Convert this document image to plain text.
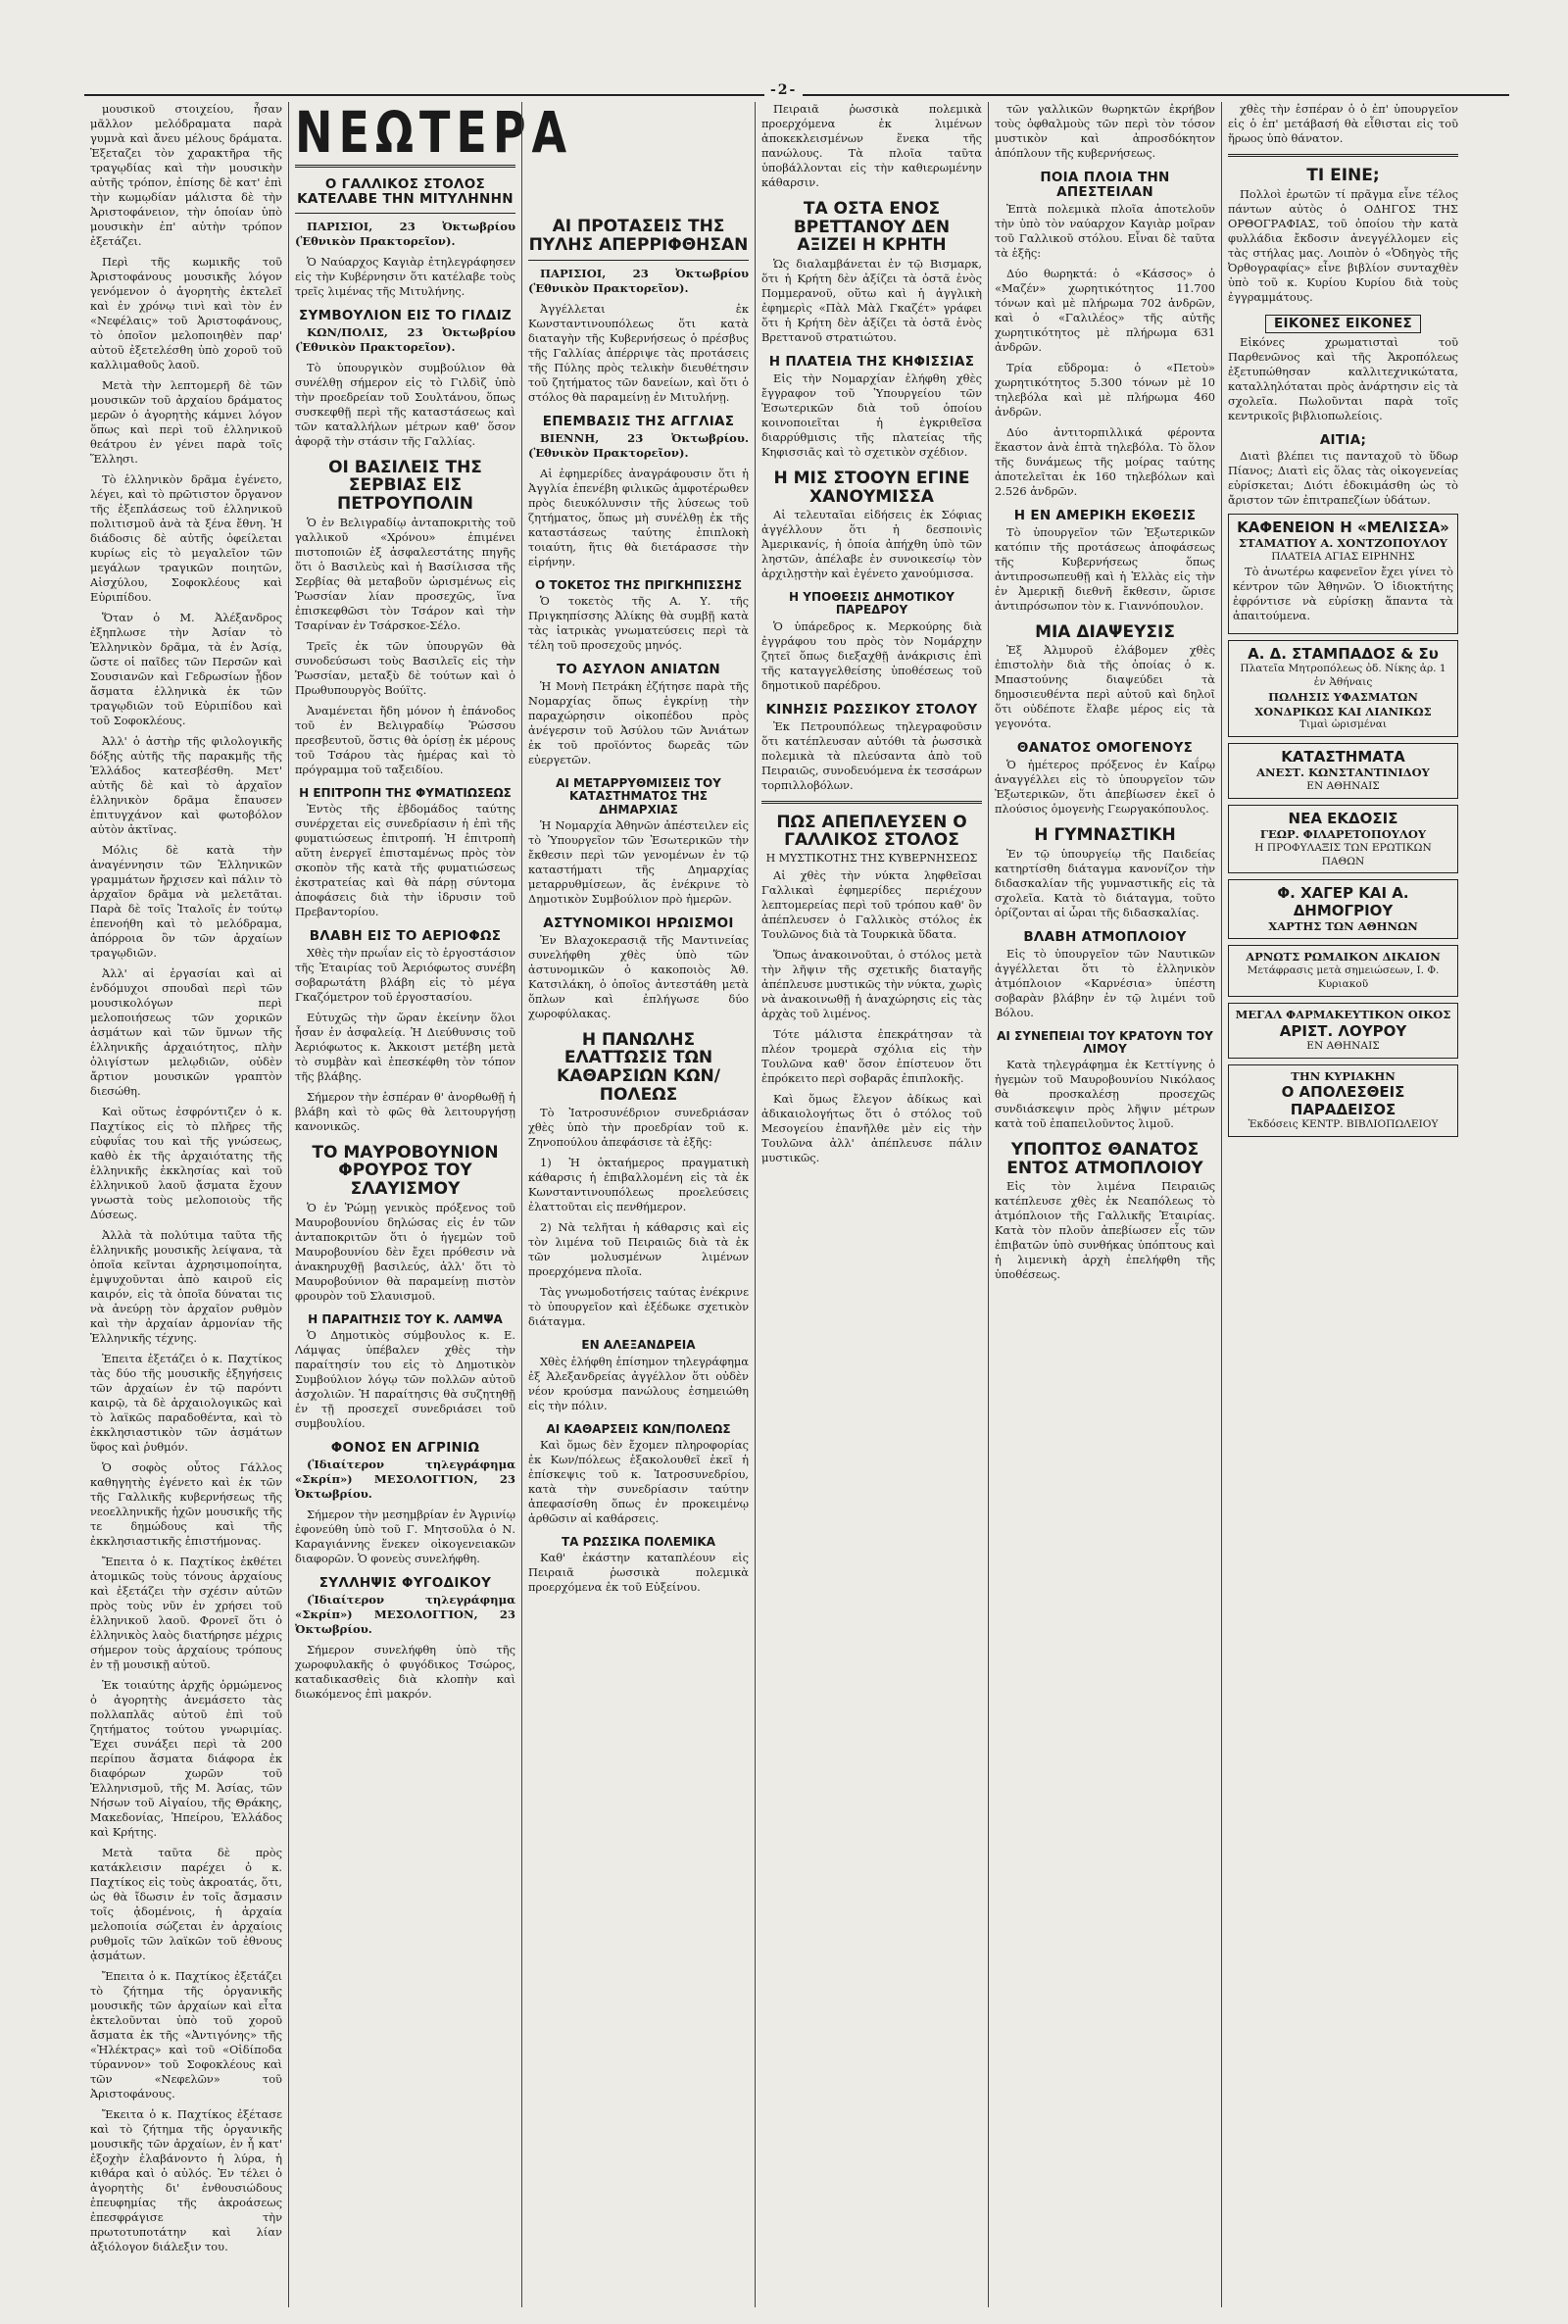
-2-

μουσικοῦ στοιχείου, ἦσαν μᾶλλον μελόδραματα παρὰ γυμνὰ καὶ ἄνευ μέλους δράματα. Ἐξεταζει τὸν χαρακτῆρα τῆς τραγῳδίας καὶ τὴν μουσικὴν αὐτῆς τρόπον, ἐπίσης δὲ κατ' ἐπὶ τὴν κωμῳδίαν μάλιστα δὲ τὴν Ἀριστοφάνειον, τὴν ὁποίαν ὑπὸ μουσικὴν ἐπ' αὐτὴν τρόπον ἐξετάζει.

Περὶ τῆς κωμικῆς τοῦ Ἀριστοφάνους μουσικῆς λόγον γενόμενον ὁ ἀγορητὴς ἐκτελεῖ καὶ ἐν χρόνῳ τινὶ καὶ τὸν ἐν «Νεφέλαις» τοῦ Ἀριστοφάνους, τὸ ὁποῖον μελοποιηθὲν παρ' αὐτοῦ ἐξετελέσθη ὑπὸ χοροῦ τοῦ καλλιμαθοῦς λαοῦ.

Μετὰ τὴν λεπτομερῆ δὲ τῶν μουσικῶν τοῦ ἀρχαίου δράματος μερῶν ὁ ἀγορητὴς κάμνει λόγον ὅπως καὶ περὶ τοῦ ἑλληνικοῦ θεάτρου ἐν γένει παρὰ τοῖς Ἕλλησι.

Τὸ ἑλληνικὸν δρᾶμα ἐγένετο, λέγει, καὶ τὸ πρῶτιστον ὄργανον τῆς ἐξεπλάσεως τοῦ ἑλληνικοῦ πολιτισμοῦ ἀνὰ τὰ ξένα ἔθνη. Ἡ διάδοσις δὲ αὐτῆς ὀφείλεται κυρίως εἰς τὸ μεγαλεῖον τῶν μεγάλων τραγικῶν ποιητῶν, Αἰσχύλου, Σοφοκλέους καὶ Εὐριπίδου.

Ὅταν ὁ Μ. Ἀλέξανδρος ἐξηπλωσε τὴν Ἀσίαν τὸ Ἑλληνικὸν δρᾶμα, τὰ ἐν Ἀσίᾳ, ὥστε οἱ παῖδες τῶν Περσῶν καὶ Σουσιανῶν καὶ Γεδρωσίων ᾖδον ἄσματα ἑλληνικὰ ἐκ τῶν τραγῳδιῶν τοῦ Εὐριπίδου καὶ τοῦ Σοφοκλέους.

Ἀλλ' ὁ ἀστὴρ τῆς φιλολογικῆς δόξης αὐτῆς τῆς παρακμῆς τῆς Ἑλλάδος κατεσβέσθη. Μετ' αὐτῆς δὲ καὶ τὸ ἀρχαῖον ἑλληνικὸν δρᾶμα ἔπαυσεν ἐπιτυγχάνον καὶ φωτοβόλον αὐτὸν ἀκτῖνας.

Μόλις δὲ κατὰ τὴν ἀναγέννησιν τῶν Ἑλληνικῶν γραμμάτων ἤρχισεν καὶ πάλιν τὸ ἀρχαῖον δρᾶμα νὰ μελετᾶται. Παρὰ δὲ τοῖς Ἰταλοῖς ἐν τούτῳ ἐπενοήθη καὶ τὸ μελόδραμα, ἀπόρροια ὂν τῶν ἀρχαίων τραγῳδιῶν.

Ἀλλ' αἱ ἐργασίαι καὶ αἱ ἐνδόμυχοι σπουδαὶ περὶ τῶν μουσικολόγων περὶ μελοποιήσεως τῶν χορικῶν ἀσμάτων καὶ τῶν ὕμνων τῆς ἑλληνικῆς ἀρχαιότητος, πλὴν ὀλιγίστων μελῳδιῶν, οὐδὲν ἄρτιον μουσικῶν γραπτὸν διεσώθη.

Καὶ οὕτως ἐσφρόντιζεν ὁ κ. Παχτίκος εἰς τὸ πλῆρες τῆς εὐφυΐας του καὶ τῆς γνώσεως, καθὸ ἐκ τῆς ἀρχαιότατης τῆς ἑλληνικῆς ἐκκλησίας καὶ τοῦ ἑλληνικοῦ λαοῦ ᾄσματα ἔχουν γνωστὰ τοὺς μελοποιοὺς τῆς Δύσεως.

Ἀλλὰ τὰ πολύτιμα ταῦτα τῆς ἑλληνικῆς μουσικῆς λείψανα, τὰ ὁποῖα κεῖνται ἀχρησιμοποίητα, ἐμψυχοῦνται ἀπὸ καιροῦ εἰς καιρόν, εἰς τὰ ὁποῖα δύναται τις νὰ ἀνεύρῃ τὸν ἀρχαῖον ρυθμὸν καὶ τὴν ἀρχαίαν ἁρμονίαν τῆς Ἑλληνικῆς τέχνης.

Ἐπειτα ἐξετάζει ὁ κ. Παχτίκος τὰς δύο τῆς μουσικῆς ἐξηγήσεις τῶν ἀρχαίων ἐν τῷ παρόντι καιρῷ, τὰ δὲ ἀρχαιολογικῶς καὶ τὸ λαϊκῶς παραδοθέντα, καὶ τὸ ἐκκλησιαστικὸν τῶν ἀσμάτων ὕφος καὶ ῥυθμόν.

Ὁ σοφὸς οὗτος Γάλλος καθηγητὴς ἐγένετο καὶ ἐκ τῶν τῆς Γαλλικῆς κυβερνήσεως τῆς νεοελληνικῆς ἠχῶν μουσικῆς τῆς τε δημώδους καὶ τῆς ἐκκλησιαστικῆς ἐπιστήμονας.

Ἔπειτα ὁ κ. Παχτίκος ἐκθέτει ἀτομικῶς τοὺς τόνους ἀρχαίους καὶ ἐξετάζει τὴν σχέσιν αὐτῶν πρὸς τοὺς νῦν ἐν χρήσει τοῦ ἑλληνικοῦ λαοῦ. Φρονεῖ ὅτι ὁ ἑλληνικὸς λαὸς διατήρησε μέχρις σήμερον τοὺς ἀρχαίους τρόπους ἐν τῇ μουσικῇ αὐτοῦ.

Ἐκ τοιαύτης ἀρχῆς ὁρμώμενος ὁ ἀγορητὴς ἀνεμάσετο τὰς πολλαπλᾶς αὐτοῦ ἐπὶ τοῦ ζητήματος τούτου γνωριμίας. Ἔχει συνάξει περὶ τὰ 200 περίπου ἄσματα διάφορα ἐκ διαφόρων χωρῶν τοῦ Ἑλληνισμοῦ, τῆς Μ. Ἀσίας, τῶν Νήσων τοῦ Αἰγαίου, τῆς Θράκης, Μακεδονίας, Ἠπείρου, Ἑλλάδος καὶ Κρήτης.

Μετὰ ταῦτα δὲ πρὸς κατάκλεισιν παρέχει ὁ κ. Παχτίκος εἰς τοὺς ἀκροατάς, ὅτι, ὡς θὰ ἴδωσιν ἐν τοῖς ἄσμασιν τοῖς ᾀδομένοις, ἡ ἀρχαία μελοποιία σώζεται ἐν ἀρχαίοις ρυθμοῖς τῶν λαϊκῶν τοῦ ἐθνους ᾀσμάτων.

Ἔπειτα ὁ κ. Παχτίκος ἐξετάζει τὸ ζήτημα τῆς ὀργανικῆς μουσικῆς τῶν ἀρχαίων καὶ εἶτα ἐκτελοῦνται ὑπὸ τοῦ χοροῦ ἄσματα ἐκ τῆς «Ἀντιγόνης» τῆς «Ἠλέκτρας» καὶ τοῦ «Οἰδίποδα τύραννον» τοῦ Σοφοκλέους καὶ τῶν «Νεφελῶν» τοῦ Ἀριστοφάνους.

Ἔκειτα ὁ κ. Παχτίκος ἐξέτασε καὶ τὸ ζήτημα τῆς ὀργανικῆς μουσικῆς τῶν ἀρχαίων, ἐν ἧ κατ' ἐξοχὴν ἐλαβάνοντο ἡ λύρα, ἡ κιθάρα καὶ ὁ αὐλός. Ἐν τέλει ὁ ἀγορητὴς δι' ἐνθουσιώδους ἐπευφημίας τῆς ἀκροάσεως ἐπεσφράγισε τὴν πρωτοτυποτάτην καὶ λίαν ἀξιόλογον διάλεξιν του.

ΝΕΩΤΕΡΑ
Ο ΓΑΛΛΙΚΟΣ ΣΤΟΛΟΣ ΚΑΤΕΛΑΒΕ ΤΗΝ ΜΙΤΥΛΗΝΗΝ

ΠΑΡΙΣΙΟΙ, 23 Ὀκτωβρίου (Ἐθνικὸν Πρακτορεῖον).

Ὁ Ναύαρχος Καγιὰρ ἐτηλεγράφησεν εἰς τὴν Κυβέρνησιν ὅτι κατέλαβε τοὺς τρεῖς λιμένας τῆς Μιτυλήνης.

ΣΥΜΒΟΥΛΙΟΝ ΕΙΣ ΤΟ ΓΙΛΔΙΖ

ΚΩΝ/ΠΟΛΙΣ, 23 Ὀκτωβρίου (Ἐθνικὸν Πρακτορεῖον).

Τὸ ὑπουργικὸν συμβούλιον θὰ συνέλθῃ σήμερον εἰς τὸ Γιλδὶζ ὑπὸ τὴν προεδρείαν τοῦ Σουλτάνου, ὅπως συσκεφθῇ περὶ τῆς καταστάσεως καὶ τῶν καταλλήλων μέτρων καθ' ὅσον ἀφορᾷ τὴν στάσιν τῆς Γαλλίας.

ΟΙ ΒΑΣΙΛΕΙΣ ΤΗΣ ΣΕΡΒΙΑΣ ΕΙΣ ΠΕΤΡΟΥΠΟΛΙΝ

Ὁ ἐν Βελιγραδίῳ ἀνταποκριτὴς τοῦ γαλλικοῦ «Χρόνου» ἐπιμένει πιστοποιῶν ἐξ ἀσφαλεστάτης πηγῆς ὅτι ὁ Βασιλεὺς καὶ ἡ Βασίλισσα τῆς Σερβίας θὰ μεταβοῦν ὡρισμένως εἰς Ῥωσσίαν λίαν προσεχῶς, ἵνα ἐπισκεφθῶσι τὸν Τσάρον καὶ τὴν Τσαρίναν ἐν Τσάρσκοε-Σέλο.

Τρεῖς ἐκ τῶν ὑπουργῶν θὰ συνοδεύσωσι τοὺς Βασιλεῖς εἰς τὴν Ῥωσσίαν, μεταξὺ δὲ τούτων καὶ ὁ Πρωθυπουργὸς Βούϊτς.

Ἀναμένεται ἤδη μόνον ἡ ἐπάνοδος τοῦ ἐν Βελιγραδίῳ Ῥώσσου πρεσβευτοῦ, ὅστις θὰ ὁρίσῃ ἐκ μέρους τοῦ Τσάρου τὰς ἡμέρας καὶ τὸ πρόγραμμα τοῦ ταξειδίου.

Η ΕΠΙΤΡΟΠΗ ΤΗΣ ΦΥΜΑΤΙΩΣΕΩΣ

Ἐντὸς τῆς ἑβδομάδος ταύτης συνέρχεται εἰς συνεδρίασιν ἡ ἐπὶ τῆς φυματιώσεως ἐπιτροπή. Ἡ ἐπιτροπὴ αὕτη ἐνεργεῖ ἐπισταμένως πρὸς τὸν σκοπὸν τῆς κατὰ τῆς φυματιώσεως ἐκστρατείας καὶ θὰ πάρῃ σύντομα ἀποφάσεις διὰ τὴν ἱδρυσιν τοῦ Πρεβαντορίου.

ΒΛΑΒΗ ΕΙΣ ΤΟ ΑΕΡΙΟΦΩΣ

Χθὲς τὴν πρωΐαν εἰς τὸ ἐργοστάσιον τῆς Ἑταιρίας τοῦ Ἀεριόφωτος συνέβη σοβαρωτάτη βλάβη εἰς τὸ μέγα Γκαζόμετρον τοῦ ἐργοστασίου.

Εὐτυχῶς τὴν ὥραν ἐκείνην ὅλοι ἦσαν ἐν ἀσφαλείᾳ. Ἡ Διεύθυνσις τοῦ Ἀεριόφωτος κ. Ἀκκοιστ μετέβη μετὰ τὸ συμβὰν καὶ ἐπεσκέφθη τὸν τόπον τῆς βλάβης.

Σήμερον τὴν ἑσπέραν θ' ἀνορθωθῇ ἡ βλάβη καὶ τὸ φῶς θὰ λειτουργήσῃ κανονικῶς.

ΤΟ ΜΑΥΡΟΒΟΥΝΙΟΝ ΦΡΟΥΡΟΣ ΤΟΥ ΣΛΑΥΙΣΜΟΥ

Ὁ ἐν Ῥώμῃ γενικὸς πρόξενος τοῦ Μαυροβουνίου δηλώσας εἰς ἐν τῶν ἀνταποκριτῶν ὅτι ὁ ἡγεμὼν τοῦ Μαυροβουνίου δὲν ἔχει πρόθεσιν νὰ ἀνακηρυχθῇ βασιλεύς, ἀλλ' ὅτι τὸ Μαυροβούνιον θὰ παραμείνῃ πιστὸν φρουρὸν τοῦ Σλαυισμοῦ.

Η ΠΑΡΑΙΤΗΣΙΣ ΤΟΥ Κ. ΛΑΜΨΑ

Ὁ Δημοτικὸς σύμβουλος κ. Ε. Λάμψας ὑπέβαλεν χθὲς τὴν παραίτησίν του εἰς τὸ Δημοτικὸν Συμβούλιον λόγῳ τῶν πολλῶν αὐτοῦ ἀσχολιῶν. Ἡ παραίτησις θὰ συζητηθῇ ἐν τῇ προσεχεῖ συνεδριάσει τοῦ συμβουλίου.

ΦΟΝΟΣ ΕΝ ΑΓΡΙΝΙΩ

(Ἰδιαίτερον τηλεγράφημα «Σκρίπ») ΜΕΣΟΛΟΓΓΙΟΝ, 23 Ὀκτωβρίου.

Σήμερον τὴν μεσημβρίαν ἐν Ἀγρινίῳ ἐφονεύθη ὑπὸ τοῦ Γ. Μητσοῦλα ὁ Ν. Καραγιάννης ἕνεκεν οἰκογενειακῶν διαφορῶν. Ὁ φονεὺς συνελήφθη.

ΣΥΛΛΗΨΙΣ ΦΥΓΟΔΙΚΟΥ

(Ἰδιαίτερον τηλεγράφημα «Σκρίπ») ΜΕΣΟΛΟΓΓΙΟΝ, 23 Ὀκτωβρίου.

Σήμερον συνελήφθη ὑπὸ τῆς χωροφυλακῆς ὁ φυγόδικος Τσώρος, καταδικασθεὶς διὰ κλοπὴν καὶ διωκόμενος ἐπὶ μακρόν.

ΑΙ ΠΡΟΤΑΣΕΙΣ ΤΗΣ ΠΥΛΗΣ ΑΠΕΡΡΙΦΘΗΣΑΝ

ΠΑΡΙΣΙΟΙ, 23 Ὀκτωβρίου (Ἐθνικὸν Πρακτορεῖον).

Ἀγγέλλεται ἐκ Κωνσταντινουπόλεως ὅτι κατὰ διαταγὴν τῆς Κυβερνήσεως ὁ πρέσβυς τῆς Γαλλίας ἀπέρριψε τὰς προτάσεις τῆς Πύλης πρὸς τελικὴν διευθέτησιν τοῦ ζητήματος τῶν δανείων, καὶ ὅτι ὁ στόλος θὰ παραμείνῃ ἐν Μιτυλήνῃ.

ΕΠΕΜΒΑΣΙΣ ΤΗΣ ΑΓΓΛΙΑΣ

ΒΙΕΝΝΗ, 23 Ὀκτωβρίου. (Ἐθνικὸν Πρακτορεῖον).

Αἱ ἐφημερίδες ἀναγράφουσιν ὅτι ἡ Ἀγγλία ἐπενέβη φιλικῶς ἀμφοτέρωθεν πρὸς διευκόλυνσιν τῆς λύσεως τοῦ ζητήματος, ὅπως μὴ συνέλθῃ ἐκ τῆς καταστάσεως ταύτης ἐπιπλοκὴ τοιαύτη, ἥτις θὰ διετάρασσε τὴν εἰρήνην.

Ο ΤΟΚΕΤΟΣ ΤΗΣ ΠΡΙΓΚΗΠΙΣΣΗΣ

Ὁ τοκετὸς τῆς Α. Υ. τῆς Πριγκηπίσσης Ἀλίκης θὰ συμβῇ κατὰ τὰς ἰατρικὰς γνωματεύσεις περὶ τὰ τέλη τοῦ προσεχοῦς μηνός.

ΤΟ ΑΣΥΛΟΝ ΑΝΙΑΤΩΝ

Ἡ Μονὴ Πετράκη ἐζήτησε παρὰ τῆς Νομαρχίας ὅπως ἐγκρίνῃ τὴν παραχώρησιν οἰκοπέδου πρὸς ἀνέγερσιν τοῦ Ἀσύλου τῶν Ἀνιάτων ἐκ τοῦ προϊόντος δωρεᾶς τῶν εὐεργετῶν.

ΑΙ ΜΕΤΑΡΡΥΘΜΙΣΕΙΣ ΤΟΥ ΚΑΤΑΣΤΗΜΑΤΟΣ ΤΗΣ ΔΗΜΑΡΧΙΑΣ

Ἡ Νομαρχία Ἀθηνῶν ἀπέστειλεν εἰς τὸ Ὑπουργεῖον τῶν Ἐσωτερικῶν τὴν ἔκθεσιν περὶ τῶν γενομένων ἐν τῷ καταστήματι τῆς Δημαρχίας μεταρρυθμίσεων, ἅς ἐνέκρινε τὸ Δημοτικὸν Συμβούλιον πρὸ ἡμερῶν.

ΑΣΤΥΝΟΜΙΚΟΙ ΗΡΩΙΣΜΟΙ

Ἐν Βλαχοκερασιᾷ τῆς Μαντινείας συνελήφθη χθὲς ὑπὸ τῶν ἀστυνομικῶν ὁ κακοποιὸς Ἀθ. Κατσιλάκη, ὁ ὁποῖος ἀντεστάθη μετὰ ὅπλων καὶ ἐπλήγωσε δύο χωροφύλακας.

Η ΠΑΝΩΛΗΣ ΕΛΑΤΤΩΣΙΣ ΤΩΝ ΚΑΘΑΡΣΙΩΝ ΚΩΝ/ΠΟΛΕΩΣ

Τὸ Ἰατροσυνέδριον συνεδριάσαν χθὲς ὑπὸ τὴν προεδρίαν τοῦ κ. Ζηνοπούλου ἀπεφάσισε τὰ ἑξῆς:

1) Ἡ ὀκταήμερος πραγματικὴ κάθαρσις ἡ ἐπιβαλλομένη εἰς τὰ ἐκ Κωνσταντινουπόλεως προελεύσεις ἐλαττοῦται εἰς πενθήμερον.

2) Νὰ τελῆται ἡ κάθαρσις καὶ εἰς τὸν λιμένα τοῦ Πειραιῶς διὰ τὰ ἐκ τῶν μολυσμένων λιμένων προερχόμενα πλοῖα.

Τὰς γνωμοδοτήσεις ταύτας ἐνέκρινε τὸ ὑπουργεῖον καὶ ἐξέδωκε σχετικὸν διάταγμα.

ΕΝ ΑΛΕΞΑΝΔΡΕΙΑ

Χθὲς ἐλήφθη ἐπίσημον τηλεγράφημα ἐξ Ἀλεξανδρείας ἀγγέλλον ὅτι οὐδὲν νέον κρούσμα πανώλους ἐσημειώθη εἰς τὴν πόλιν.

ΑΙ ΚΑΘΑΡΣΕΙΣ ΚΩΝ/ΠΟΛΕΩΣ

Καὶ ὅμως δὲν ἔχομεν πληροφορίας ἐκ Κων/πόλεως ἐξακολουθεῖ ἐκεῖ ἡ ἐπίσκεψις τοῦ κ. Ἰατροσυνεδρίου, κατὰ τὴν συνεδρίασιν ταύτην ἀπεφασίσθη ὅπως ἐν προκειμένῳ ἀρθῶσιν αἱ καθάρσεις.

ΤΑ ΡΩΣΣΙΚΑ ΠΟΛΕΜΙΚΑ

Καθ' ἑκάστην καταπλέουν εἰς Πειραιᾶ ῥωσσικὰ πολεμικὰ προερχόμενα ἐκ τοῦ Εὐξείνου.

Πειραιᾶ ῥωσσικὰ πολεμικὰ προερχόμενα ἐκ λιμένων ἀποκεκλεισμένων ἕνεκα τῆς πανώλους. Τὰ πλοῖα ταῦτα ὑποβάλλονται εἰς τὴν καθιερωμένην κάθαρσιν.

ΤΑ ΟΣΤΑ ΕΝΟΣ ΒΡΕΤΤΑΝΟΥ ΔΕΝ ΑΞΙΖΕΙ Η ΚΡΗΤΗ

Ὡς διαλαμβάνεται ἐν τῷ Βισμαρκ, ὅτι ἡ Κρήτη δὲν ἀξίζει τὰ ὀστᾶ ἑνὸς Πομμερανοῦ, οὕτω καὶ ἡ ἀγγλικὴ ἐφημερὶς «Πὰλ Μὰλ Γκαζέτ» γράφει ὅτι ἡ Κρήτη δὲν ἀξίζει τὰ ὀστᾶ ἑνὸς Βρεττανοῦ στρατιώτου.

Η ΠΛΑΤΕΙΑ ΤΗΣ ΚΗΦΙΣΣΙΑΣ

Εἰς τὴν Νομαρχίαν ἐλήφθη χθὲς ἔγγραφον τοῦ Ὑπουργείου τῶν Ἐσωτερικῶν διὰ τοῦ ὁποίου κοινοποιεῖται ἡ ἐγκριθεῖσα διαρρύθμισις τῆς πλατείας τῆς Κηφισσιᾶς καὶ τὸ σχετικὸν σχέδιον.

Η ΜΙΣ ΣΤΟΟΥΝ ΕΓΙΝΕ ΧΑΝΟΥΜΙΣΣΑ

Αἱ τελευταῖαι εἰδήσεις ἐκ Σόφιας ἀγγέλλουν ὅτι ἡ δεσποινὶς Ἀμερικανίς, ἡ ὁποία ἀπήχθη ὑπὸ τῶν ληστῶν, ἀπέλαβε ἐν συνοικεσίῳ τὸν ἀρχιλῃστὴν καὶ ἐγένετο χανούμισσα.

Η ΥΠΟΘΕΣΙΣ ΔΗΜΟΤΙΚΟΥ ΠΑΡΕΔΡΟΥ

Ὁ ὑπάρεδρος κ. Μερκούρης διὰ ἐγγράφου του πρὸς τὸν Νομάρχην ζητεῖ ὅπως διεξαχθῇ ἀνάκρισις ἐπὶ τῆς καταγγελθείσης ὑποθέσεως τοῦ δημοτικοῦ παρέδρου.

ΚΙΝΗΣΙΣ ΡΩΣΣΙΚΟΥ ΣΤΟΛΟΥ

Ἐκ Πετρουπόλεως τηλεγραφοῦσιν ὅτι κατέπλευσαν αὐτόθι τὰ ῥωσσικὰ πολεμικὰ τὰ πλεύσαντα ἀπὸ τοῦ Πειραιῶς, συνοδευόμενα ἐκ τεσσάρων τορπιλλοβόλων.

ΠΩΣ ΑΠΕΠΛΕΥΣΕΝ Ο ΓΑΛΛΙΚΟΣ ΣΤΟΛΟΣ
Η ΜΥΣΤΙΚΟΤΗΣ ΤΗΣ ΚΥΒΕΡΝΗΣΕΩΣ

Αἱ χθὲς τὴν νύκτα ληφθεῖσαι Γαλλικαὶ ἐφημερίδες περιέχουν λεπτομερείας περὶ τοῦ τρόπου καθ' ὃν ἀπέπλευσεν ὁ Γαλλικὸς στόλος ἐκ Τουλῶνος διὰ τὰ Τουρκικὰ ὕδατα.

Ὅπως ἀνακοινοῦται, ὁ στόλος μετὰ τὴν λῆψιν τῆς σχετικῆς διαταγῆς ἀπέπλευσε μυστικῶς τὴν νύκτα, χωρὶς νὰ ἀνακοινωθῇ ἡ ἀναχώρησις εἰς τὰς ἀρχὰς τοῦ λιμένος.

Τότε μάλιστα ἐπεκράτησαν τὰ πλέον τρομερὰ σχόλια εἰς τὴν Τουλῶνα καθ' ὅσον ἐπίστευον ὅτι ἐπρόκειτο περὶ σοβαρᾶς ἐπιπλοκῆς.

Καὶ ὅμως ἔλεγον ἀδίκως καὶ ἀδικαιολογήτως ὅτι ὁ στόλος τοῦ Μεσογείου ἐπανῆλθε μὲν εἰς τὴν Τουλῶνα ἀλλ' ἀπέπλευσε πάλιν μυστικῶς.

τῶν γαλλικῶν θωρηκτῶν ἐκρήβον τοὺς ὀφθαλμοὺς τῶν περὶ τὸν τόσον μυστικὸν καὶ ἀπροσδόκητον ἀπόπλουν τῆς κυβερνήσεως.

ΠΟΙΑ ΠΛΟΙΑ ΤΗΝ ΑΠΕΣΤΕΙΛΑΝ

Ἑπτὰ πολεμικὰ πλοῖα ἀποτελοῦν τὴν ὑπὸ τὸν ναύαρχον Καγιὰρ μοῖραν τοῦ Γαλλικοῦ στόλου. Εἶναι δὲ ταῦτα τὰ ἑξῆς:

Δύο θωρηκτά: ὁ «Κάσσος» ὁ «Μαζέν» χωρητικότητος 11.700 τόνων καὶ μὲ πλήρωμα 702 ἀνδρῶν, καὶ ὁ «Γαλιλέος» τῆς αὐτῆς χωρητικότητος μὲ πλήρωμα 631 ἀνδρῶν.

Τρία εὔδρομα: ὁ «Πετοὺ» χωρητικότητος 5.300 τόνων μὲ 10 τηλεβόλα καὶ μὲ πλήρωμα 460 ἀνδρῶν.

Δύο ἀντιτορπιλλικά φέροντα ἕκαστον ἀνὰ ἑπτὰ τηλεβόλα. Τὸ ὅλον τῆς δυνάμεως τῆς μοίρας ταύτης ἀποτελεῖται ἐκ 160 τηλεβόλων καὶ 2.526 ἀνδρῶν.

Η ΕΝ ΑΜΕΡΙΚΗ ΕΚΘΕΣΙΣ

Τὸ ὑπουργεῖον τῶν Ἐξωτερικῶν κατόπιν τῆς προτάσεως ἀποφάσεως τῆς Κυβερνήσεως ὅπως ἀντιπροσωπευθῇ καὶ ἡ Ἑλλὰς εἰς τὴν ἐν Ἀμερικῇ διεθνῆ ἔκθεσιν, ὥρισε ἀντιπρόσωπον τὸν κ. Γιαννόπουλον.

ΜΙΑ ΔΙΑΨΕΥΣΙΣ

Ἐξ Ἀλμυροῦ ἐλάβομεν χθὲς ἐπιστολὴν διὰ τῆς ὁποίας ὁ κ. Μπαστούνης διαψεύδει τὰ δημοσιευθέντα περὶ αὐτοῦ καὶ δηλοῖ ὅτι οὐδέποτε ἔλαβε μέρος εἰς τὰ γεγονότα.

ΘΑΝΑΤΟΣ ΟΜΟΓΕΝΟΥΣ

Ὁ ἡμέτερος πρόξενος ἐν Καΐρῳ ἀναγγέλλει εἰς τὸ ὑπουργεῖον τῶν Ἐξωτερικῶν, ὅτι ἀπεβίωσεν ἐκεῖ ὁ πλούσιος ὁμογενὴς Γεωργακόπουλος.

Η ΓΥΜΝΑΣΤΙΚΗ

Ἐν τῷ ὑπουργείῳ τῆς Παιδείας κατηρτίσθη διάταγμα κανονίζον τὴν διδασκαλίαν τῆς γυμναστικῆς εἰς τὰ σχολεῖα. Κατὰ τὸ διάταγμα, τοῦτο ὁρίζονται αἱ ὧραι τῆς διδασκαλίας.

ΒΛΑΒΗ ΑΤΜΟΠΛΟΙΟΥ

Εἰς τὸ ὑπουργεῖον τῶν Ναυτικῶν ἀγγέλλεται ὅτι τὸ ἑλληνικὸν ἀτμόπλοιον «Καρνέσια» ὑπέστη σοβαρὰν βλάβην ἐν τῷ λιμένι τοῦ Βόλου.

ΑΙ ΣΥΝΕΠΕΙΑΙ ΤΟΥ ΚΡΑΤΟΥΝ ΤΟΥ ΛΙΜΟΥ

Κατὰ τηλεγράφημα ἐκ Κεττίγνης ὁ ἡγεμὼν τοῦ Μαυροβουνίου Νικόλαος θὰ προσκαλέσῃ προσεχῶς συνδιάσκεψιν πρὸς λῆψιν μέτρων κατὰ τοῦ ἐπαπειλοῦντος λιμοῦ.

ΥΠΟΠΤΟΣ ΘΑΝΑΤΟΣ ΕΝΤΟΣ ΑΤΜΟΠΛΟΙΟΥ

Εἰς τὸν λιμένα Πειραιῶς κατέπλευσε χθὲς ἐκ Νεαπόλεως τὸ ἀτμόπλοιον τῆς Γαλλικῆς Ἑταιρίας. Κατὰ τὸν πλοῦν ἀπεβίωσεν εἷς τῶν ἐπιβατῶν ὑπὸ συνθήκας ὑπόπτους καὶ ἡ λιμενικὴ ἀρχὴ ἐπελήφθη τῆς ὑποθέσεως.

χθὲς τὴν ἑσπέραν ὁ ὁ ἐπ' ὑπουργεῖον εἰς ὁ ἐπ' μετάβασή θὰ εἶθισται εἰς τοῦ ἥρωος ὑπὸ θάνατον.

ΤΙ ΕΙΝΕ;

Πολλοὶ ἐρωτῶν τί πρᾶγμα εἶνε τέλος πάντων αὐτὸς ὁ ΟΔΗΓΟΣ ΤΗΣ ΟΡΘΟΓΡΑΦΙΑΣ, τοῦ ὁποίου τὴν κατὰ φυλλάδια ἔκδοσιν ἀνεγγέλλομεν εἰς τὰς στήλας μας. Λοιπὸν ὁ «Ὁδηγὸς τῆς Ὀρθογραφίας» εἶνε βιβλίον συνταχθὲν ὑπὸ τοῦ κ. Κυρίου Κυρίου διὰ τοὺς ἐγγραμμάτους.

ΕΙΚΟΝΕΣ ΕΙΚΟΝΕΣ

Εἰκόνες χρωματισταὶ τοῦ Παρθενῶνος καὶ τῆς Ἀκροπόλεως ἐξετυπώθησαν καλλιτεχνικώτατα, καταλληλόταται πρὸς ἀνάρτησιν εἰς τὰ σχολεῖα. Πωλοῦνται παρὰ τοῖς κεντρικοῖς βιβλιοπωλείοις.

ΑΙΤΙΑ;

Διατὶ βλέπει τις πανταχοῦ τὸ ὕδωρ Πίανος; Διατὶ εἰς ὅλας τὰς οἰκογενείας εὑρίσκεται; Διότι ἐδοκιμάσθη ὡς τὸ ἄριστον τῶν ἐπιτραπεζίων ὑδάτων.

ΚΑΦΕΝΕΙΟΝ Η «ΜΕΛΙΣΣΑ»
ΣΤΑΜΑΤΙΟΥ Α. ΧΟΝΤΖΟΠΟΥΛΟΥ
ΠΛΑΤΕΙΑ ΑΓΙΑΣ ΕΙΡΗΝΗΣ

Τὸ ἀνωτέρω καφενεῖον ἔχει γίνει τὸ κέντρον τῶν Ἀθηνῶν. Ὁ ἰδιοκτήτης ἐφρόντισε νὰ εὑρίσκῃ ἅπαντα τὰ ἀπαιτούμενα.

Α. Δ. ΣΤΑΜΠΑΔΟΣ & Συ
Πλατεῖα Μητροπόλεως ὁδ. Νίκης ἀρ. 1 ἐν Ἀθήναις
ΠΩΛΗΣΙΣ ΥΦΑΣΜΑΤΩΝ
ΧΟΝΔΡΙΚΩΣ ΚΑΙ ΛΙΑΝΙΚΩΣ
Τιμαὶ ὡρισμέναι
ΚΑΤΑΣΤΗΜΑΤΑ
ΑΝΕΣΤ. ΚΩΝΣΤΑΝΤΙΝΙΔΟΥ
ΕΝ ΑΘΗΝΑΙΣ
ΝΕΑ ΕΚΔΟΣΙΣ
ΓΕΩΡ. ΦΙΛΑΡΕΤΟΠΟΥΛΟΥ
Η ΠΡΟΦΥΛΑΞΙΣ ΤΩΝ ΕΡΩΤΙΚΩΝ ΠΑΘΩΝ
Φ. ΧΑΓΕΡ ΚΑΙ Α. ΔΗΜΟΓΡΙΟΥ
ΧΑΡΤΗΣ ΤΩΝ ΑΘΗΝΩΝ
ΑΡΝΩΤΣ ΡΩΜΑΙΚΟΝ ΔΙΚΑΙΟΝ
Μετάφρασις μετὰ σημειώσεων, Ι. Φ. Κυριακοῦ
ΜΕΓΑΛ ΦΑΡΜΑΚΕΥΤΙΚΟΝ ΟΙΚΟΣ
ΑΡΙΣΤ. ΛΟΥΡΟΥ
ΕΝ ΑΘΗΝΑΙΣ
ΤΗΝ ΚΥΡΙΑΚΗΝ
Ο ΑΠΟΛΕΣΘΕΙΣ ΠΑΡΑΔΕΙΣΟΣ
Ἐκδόσεις ΚΕΝΤΡ. ΒΙΒΛΙΟΠΩΛΕΙΟΥ
